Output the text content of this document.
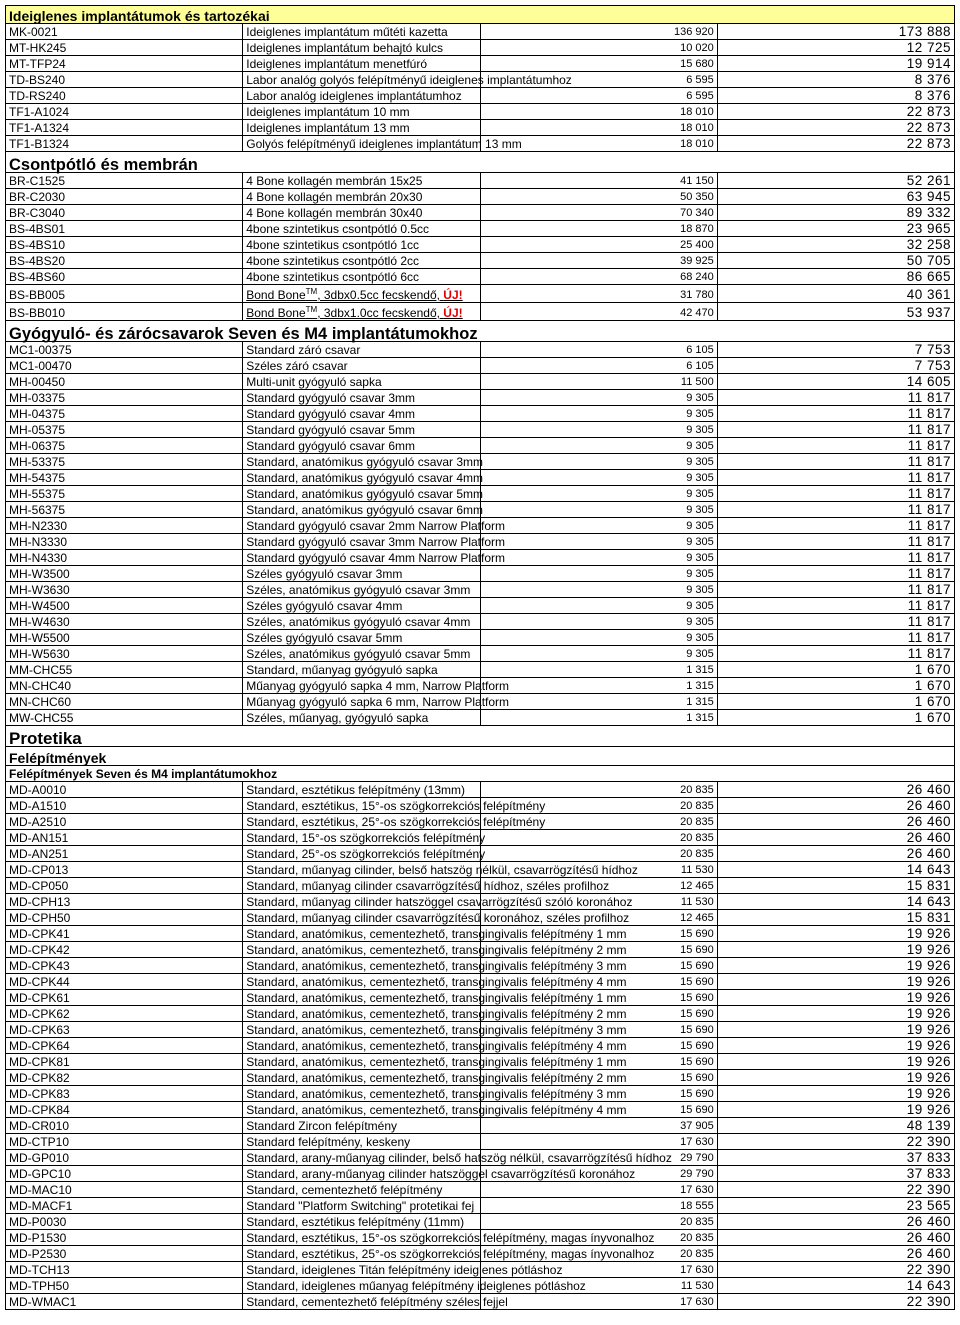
Ideiglenes implantátumok és tartozékai			
MK-0021	Ideiglenes implantátum műtéti kazetta	136 920	173 888
MT-HK245	Ideiglenes implantátum behajtó kulcs	10 020	12 725
MT-TFP24	Ideiglenes implantátum menetfúró	15 680	19 914
TD-BS240	Labor analóg golyós felépítményű ideiglenes implantátumhoz	6 595	8 376
TD-RS240	Labor analóg ideiglenes implantátumhoz	6 595	8 376
TF1-A1024	Ideiglenes implantátum 10 mm	18 010	22 873
TF1-A1324	Ideiglenes implantátum 13 mm	18 010	22 873
TF1-B1324	Golyós felépítményű ideiglenes implantátum 13 mm	18 010	22 873
Csontpótló és membrán			
BR-C1525	4 Bone kollagén membrán 15x25	41 150	52 261
BR-C2030	4 Bone kollagén membrán 20x30	50 350	63 945
BR-C3040	4 Bone kollagén membrán 30x40	70 340	89 332
BS-4BS01	4bone szintetikus csontpótló 0.5cc	18 870	23 965
BS-4BS10	4bone szintetikus csontpótló 1cc	25 400	32 258
BS-4BS20	4bone szintetikus csontpótló 2cc	39 925	50 705
BS-4BS60	4bone szintetikus csontpótló 6cc	68 240	86 665
BS-BB005	Bond Bone™, 3dbx0.5cc fecskendő, ÚJ!	31 780	40 361
BS-BB010	Bond Bone™, 3dbx1.0cc fecskendő, ÚJ!	42 470	53 937
Gyógyuló- és zárócsavarok Seven és M4 implantátumokhoz			
MC1-00375	Standard záró csavar	6 105	7 753
MC1-00470	Széles záró csavar	6 105	7 753
MH-00450	Multi-unit gyógyuló sapka	11 500	14 605
MH-03375	Standard gyógyuló csavar 3mm	9 305	11 817
MH-04375	Standard gyógyuló csavar 4mm	9 305	11 817
MH-05375	Standard gyógyuló csavar 5mm	9 305	11 817
MH-06375	Standard gyógyuló csavar 6mm	9 305	11 817
MH-53375	Standard, anatómikus gyógyuló csavar 3mm	9 305	11 817
MH-54375	Standard, anatómikus gyógyuló csavar 4mm	9 305	11 817
MH-55375	Standard, anatómikus gyógyuló csavar 5mm	9 305	11 817
MH-56375	Standard, anatómikus gyógyuló csavar 6mm	9 305	11 817
MH-N2330	Standard gyógyuló csavar 2mm Narrow Platform	9 305	11 817
MH-N3330	Standard gyógyuló csavar 3mm Narrow Platform	9 305	11 817
MH-N4330	Standard gyógyuló csavar 4mm Narrow Platform	9 305	11 817
MH-W3500	Széles gyógyuló csavar 3mm	9 305	11 817
MH-W3630	Széles, anatómikus gyógyuló csavar 3mm	9 305	11 817
MH-W4500	Széles gyógyuló csavar 4mm	9 305	11 817
MH-W4630	Széles, anatómikus gyógyuló csavar 4mm	9 305	11 817
MH-W5500	Széles gyógyuló csavar 5mm	9 305	11 817
MH-W5630	Széles, anatómikus gyógyuló csavar 5mm	9 305	11 817
MM-CHC55	Standard, műanyag gyógyuló sapka	1 315	1 670
MN-CHC40	Műanyag gyógyuló sapka 4 mm, Narrow Platform	1 315	1 670
MN-CHC60	Műanyag gyógyuló sapka 6 mm, Narrow Platform	1 315	1 670
MW-CHC55	Széles, műanyag, gyógyuló sapka	1 315	1 670
Protetika			
Felépítmények			
Felépítmények Seven és M4 implantátumokhoz			
MD-A0010	Standard, esztétikus felépítmény (13mm)	20 835	26 460
MD-A1510	Standard, esztétikus, 15°-os szögkorrekciós felépítmény	20 835	26 460
MD-A2510	Standard, esztétikus, 25°-os szögkorrekciós felépítmény	20 835	26 460
MD-AN151	Standard, 15°-os szögkorrekciós felépítmény	20 835	26 460
MD-AN251	Standard, 25°-os szögkorrekciós felépítmény	20 835	26 460
MD-CP013	Standard, műanyag cilinder, belső hatszög nélkül, csavarrögzítésű hídhoz	11 530	14 643
MD-CP050	Standard, műanyag cilinder csavarrögzítésű hídhoz, széles profilhoz	12 465	15 831
MD-CPH13	Standard, műanyag cilinder hatszöggel csavarrögzítésű szóló koronához	11 530	14 643
MD-CPH50	Standard, műanyag cilinder csavarrögzítésű koronához, széles profilhoz	12 465	15 831
MD-CPK41	Standard, anatómikus, cementezhető, transgingivalis felépítmény 1 mm	15 690	19 926
MD-CPK42	Standard, anatómikus, cementezhető, transgingivalis felépítmény 2 mm	15 690	19 926
MD-CPK43	Standard, anatómikus, cementezhető, transgingivalis felépítmény 3 mm	15 690	19 926
MD-CPK44	Standard, anatómikus, cementezhető, transgingivalis felépítmény 4 mm	15 690	19 926
MD-CPK61	Standard, anatómikus, cementezhető, transgingivalis felépítmény 1 mm	15 690	19 926
MD-CPK62	Standard, anatómikus, cementezhető, transgingivalis felépítmény 2 mm	15 690	19 926
MD-CPK63	Standard, anatómikus, cementezhető, transgingivalis felépítmény 3 mm	15 690	19 926
MD-CPK64	Standard, anatómikus, cementezhető, transgingivalis felépítmény 4 mm	15 690	19 926
MD-CPK81	Standard, anatómikus, cementezhető, transgingivalis felépítmény 1 mm	15 690	19 926
MD-CPK82	Standard, anatómikus, cementezhető, transgingivalis felépítmény 2 mm	15 690	19 926
MD-CPK83	Standard, anatómikus, cementezhető, transgingivalis felépítmény 3 mm	15 690	19 926
MD-CPK84	Standard, anatómikus, cementezhető, transgingivalis felépítmény 4 mm	15 690	19 926
MD-CR010	Standard Zircon felépítmény	37 905	48 139
MD-CTP10	Standard felépítmény, keskeny	17 630	22 390
MD-GP010	Standard, arany-műanyag cilinder, belső hatszög nélkül, csavarrögzítésű hídhoz	29 790	37 833
MD-GPC10	Standard, arany-műanyag cilinder hatszöggel csavarrögzítésű koronához	29 790	37 833
MD-MAC10	Standard, cementezhető felépítmény	17 630	22 390
MD-MACF1	Standard "Platform Switching" protetikai fej	18 555	23 565
MD-P0030	Standard, esztétikus felépítmény (11mm)	20 835	26 460
MD-P1530	Standard, esztétikus, 15°-os szögkorrekciós felépítmény, magas ínyvonalhoz	20 835	26 460
MD-P2530	Standard, esztétikus, 25°-os szögkorrekciós felépítmény, magas ínyvonalhoz	20 835	26 460
MD-TCH13	Standard, ideiglenes Titán felépítmény ideiglenes pótláshoz	17 630	22 390
MD-TPH50	Standard, ideiglenes műanyag felépítmény ideiglenes pótláshoz	11 530	14 643
MD-WMAC1	Standard, cementezhető felépítmény széles fejjel	17 630	22 390
